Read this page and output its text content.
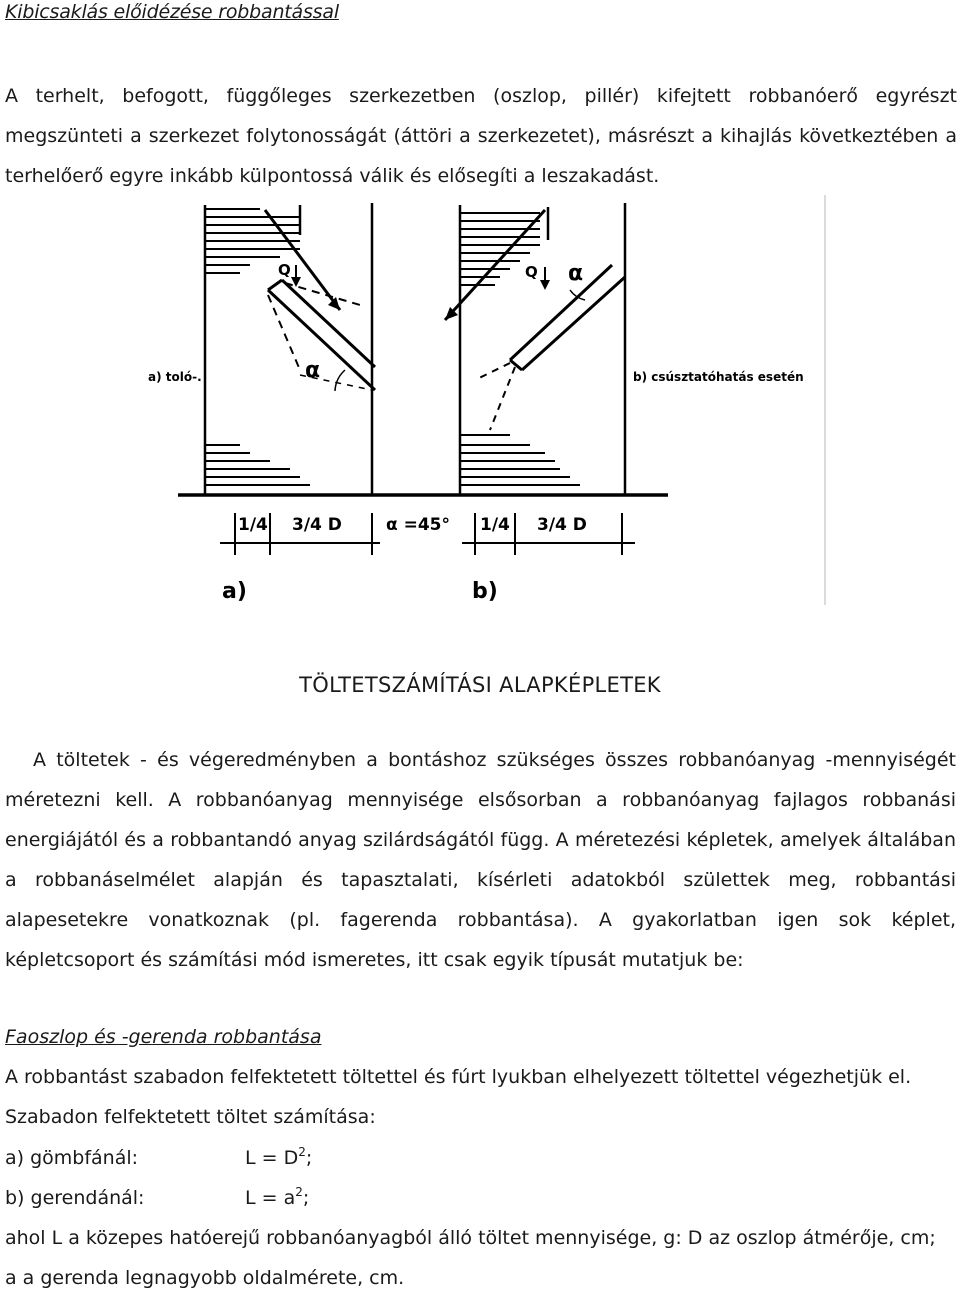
Kibicsaklás előidézése robbantással
A terhelt, befogott, függőleges szerkezetben (oszlop, pillér) kifejtett robbanóerő egyrészt megszünteti a szerkezet folytonosságát (áttöri a szerkezetet), másrészt a kihajlás következtében a terhelőerő egyre inkább külpontossá válik és elősegíti a leszakadást.
Q
α
a) toló-.
Q α
b) csúsztatóhatás esetén
1/4 3/4 D	α =45° 1/4 3/4 D
a)	b)
TÖLTETSZÁMÍTÁSI ALAPKÉPLETEK
A töltetek - és végeredményben a bontáshoz szükséges összes robbanóanyag -mennyiségét méretezni kell. A robbanóanyag mennyisége elsősorban a robbanóanyag fajlagos robbanási energiájától és a robbantandó anyag szilárdságától függ. A méretezési képletek, amelyek általában a robbanáselmélet alapján és tapasztalati, kísérleti adatokból születtek meg, robbantási alapesetekre vonatkoznak (pl. fagerenda robbantása). A gyakorlatban igen sok képlet, képletcsoport és számítási mód ismeretes, itt csak egyik típusát mutatjuk be:
Faoszlop és -gerenda robbantása
A robbantást szabadon felfektetett töltettel és fúrt lyukban elhelyezett töltettel végezhetjük el.
Szabadon felfektetett töltet számítása:
a) gömbfánál:	$L = D^2$;
b) gerendánál:	$L = a^2$;
ahol L a közepes hatóerejű robbanóanyagból álló töltet mennyisége, g: D az oszlop átmérője, cm;
a a gerenda legnagyobb oldalmérete, cm.
